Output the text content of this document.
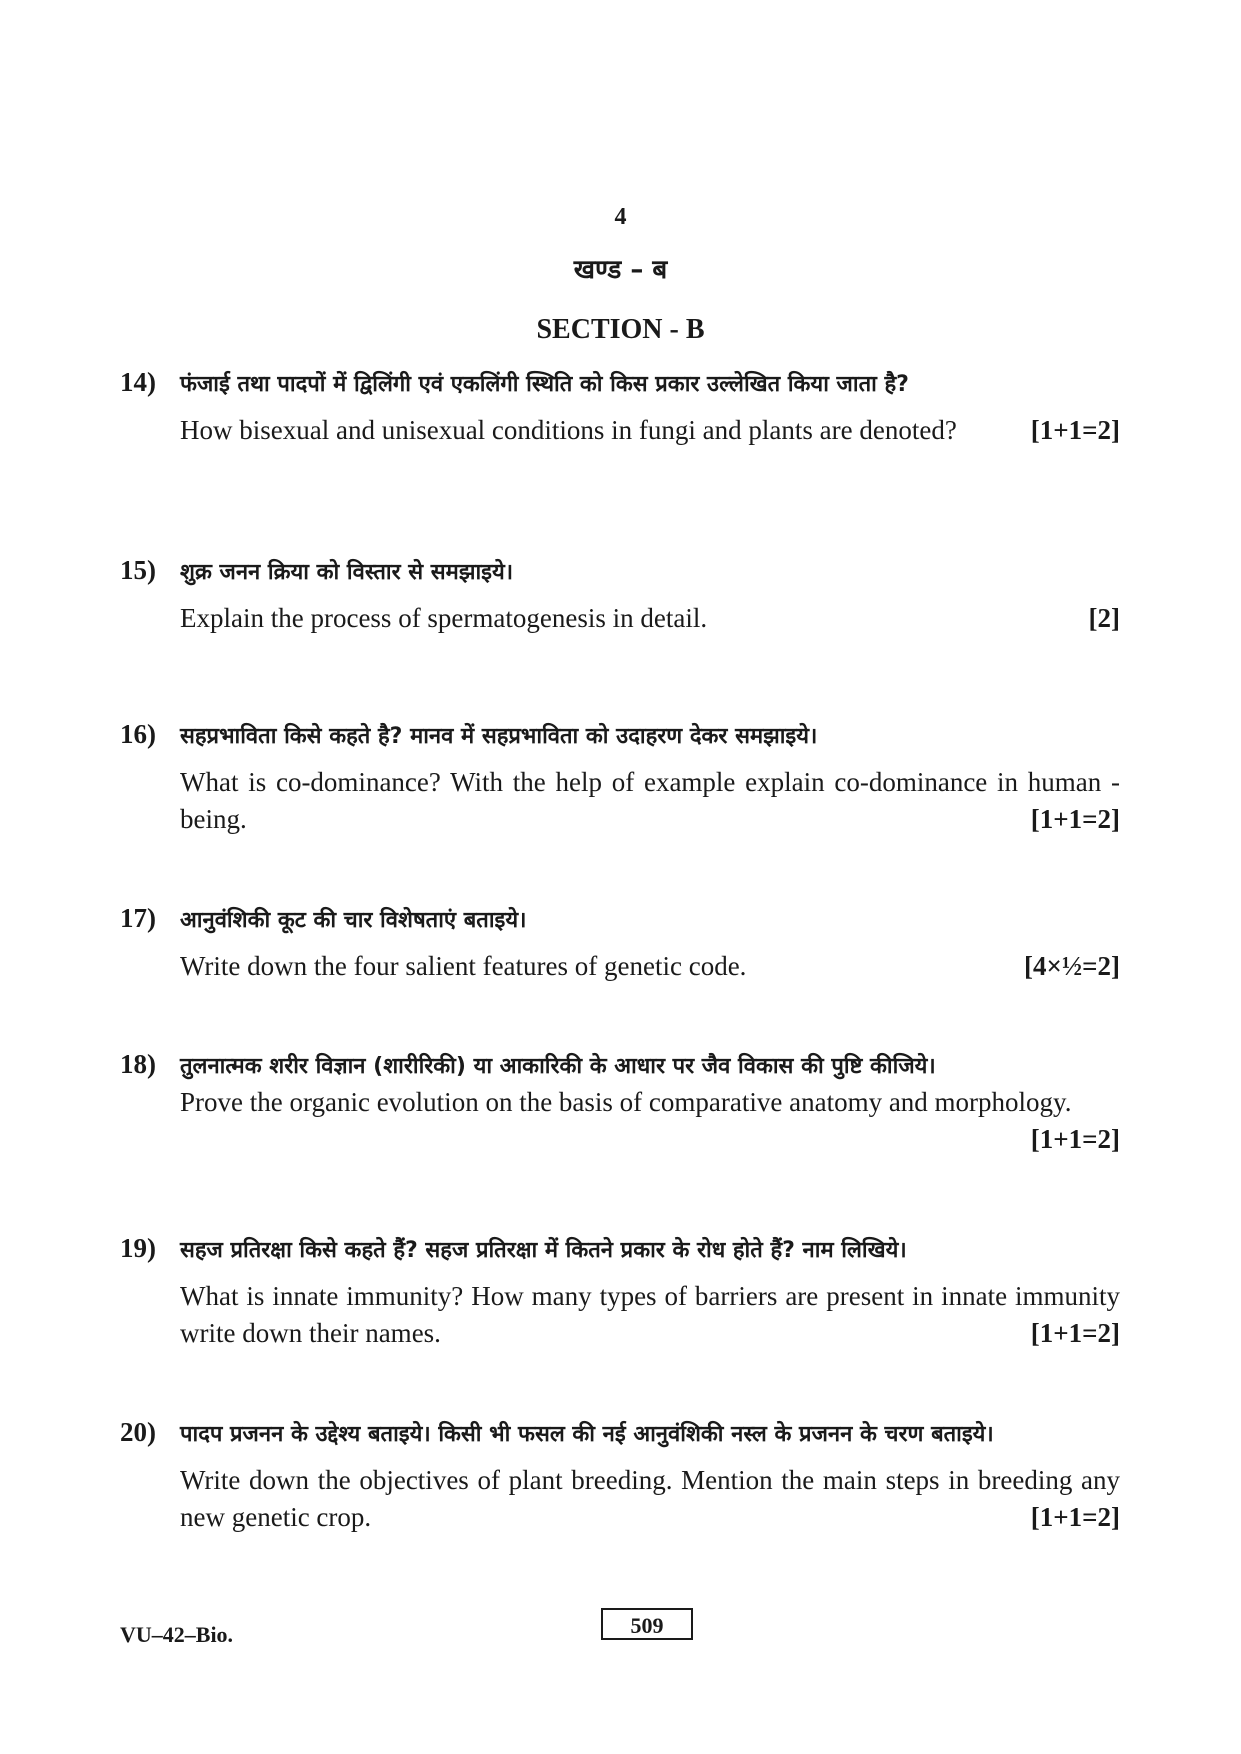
4
खण्ड – ब
SECTION - B
14)	फंजाई तथा पादपों में द्विलिंगी एवं एकलिंगी स्थिति को किस प्रकार उल्लेखित किया जाता है?
How bisexual and unisexual conditions in fungi and plants are denoted?	[1+1=2]
15)	शुक्र जनन क्रिया को विस्तार से समझाइये।
Explain the process of spermatogenesis in detail.	[2]
16)	सहप्रभाविता किसे कहते है? मानव में सहप्रभाविता को उदाहरण देकर समझाइये।
What is co-dominance? With the help of example explain co-dominance in human - being.	[1+1=2]
17)	आनुवंशिकी कूट की चार विशेषताएं बताइये।
Write down the four salient features of genetic code.	[4×½=2]
18)	तुलनात्मक शरीर विज्ञान (शारीरिकी) या आकारिकी के आधार पर जैव विकास की पुष्टि कीजिये।
Prove the organic evolution on the basis of comparative anatomy and morphology.
[1+1=2]
19)	सहज प्रतिरक्षा किसे कहते हैं? सहज प्रतिरक्षा में कितने प्रकार के रोध होते हैं? नाम लिखिये।
What is innate immunity? How many types of barriers are present in innate immunity write down their names.	[1+1=2]
20)	पादप प्रजनन के उद्देश्य बताइये। किसी भी फसल की नई आनुवंशिकी नस्ल के प्रजनन के चरण बताइये।
Write down the objectives of plant breeding. Mention the main steps in breeding any new genetic crop.	[1+1=2]
VU–42–Bio.	509
